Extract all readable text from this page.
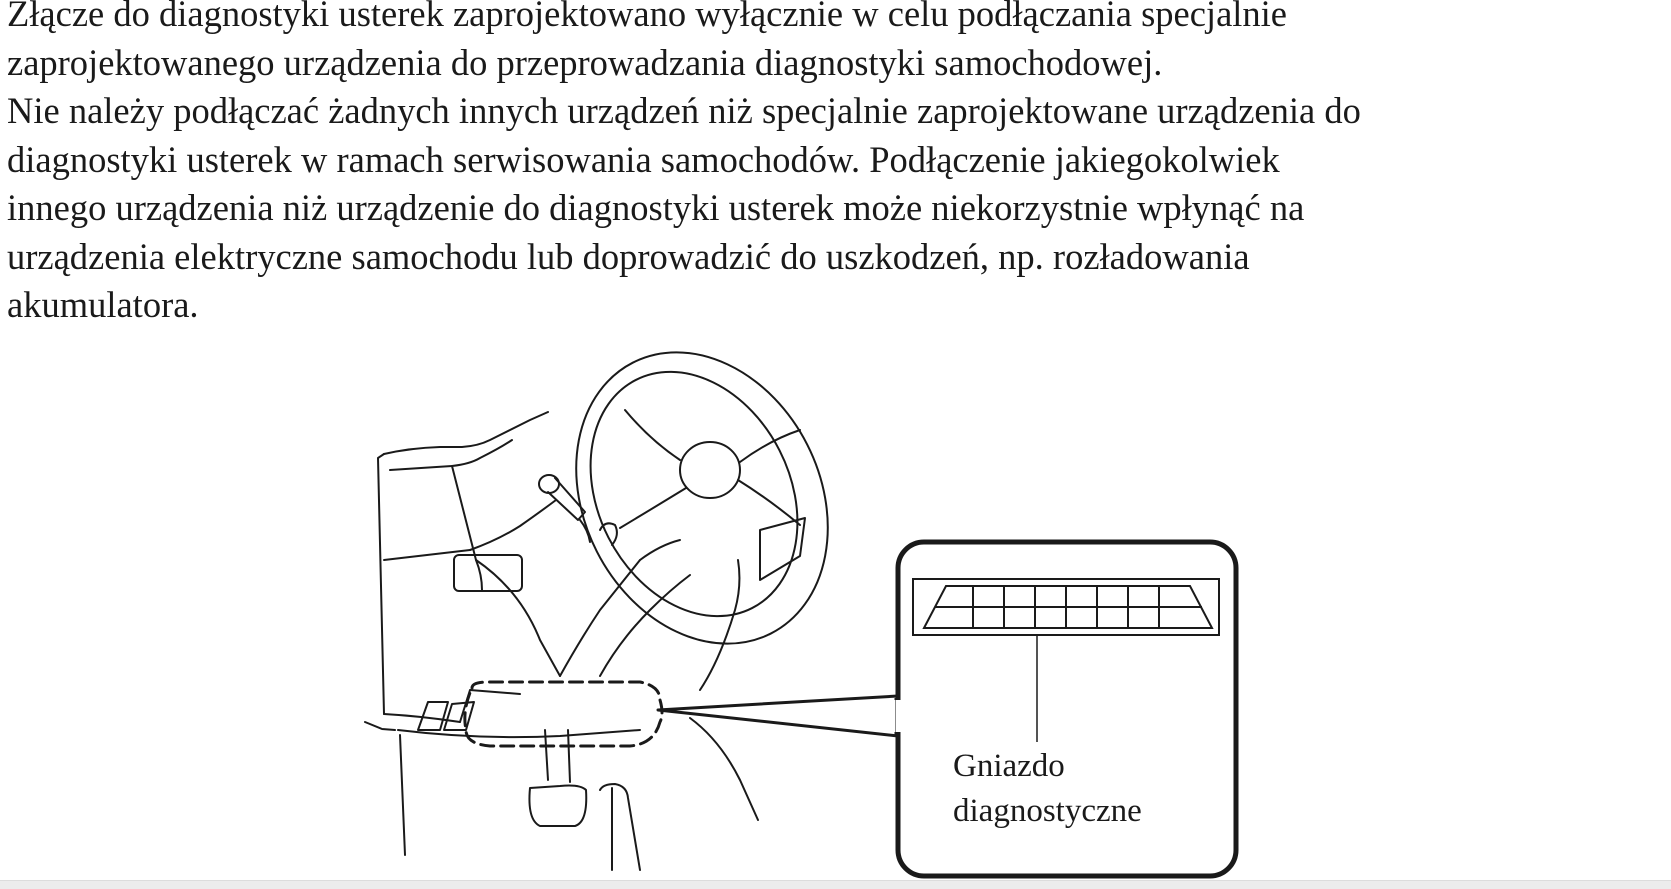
Złącze do diagnostyki usterek zaprojektowano wyłącznie w celu podłączania specjalnie

zaprojektowanego urządzenia do przeprowadzania diagnostyki samochodowej.

Nie należy podłączać żadnych innych urządzeń niż specjalnie zaprojektowane urządzenia do

diagnostyki usterek w ramach serwisowania samochodów. Podłączenie jakiegokolwiek

innego urządzenia niż urządzenie do diagnostyki usterek może niekorzystnie wpłynąć na

urządzenia elektryczne samochodu lub doprowadzić do uszkodzeń, np. rozładowania

akumulatora.

Gniazdo
diagnostyczne
